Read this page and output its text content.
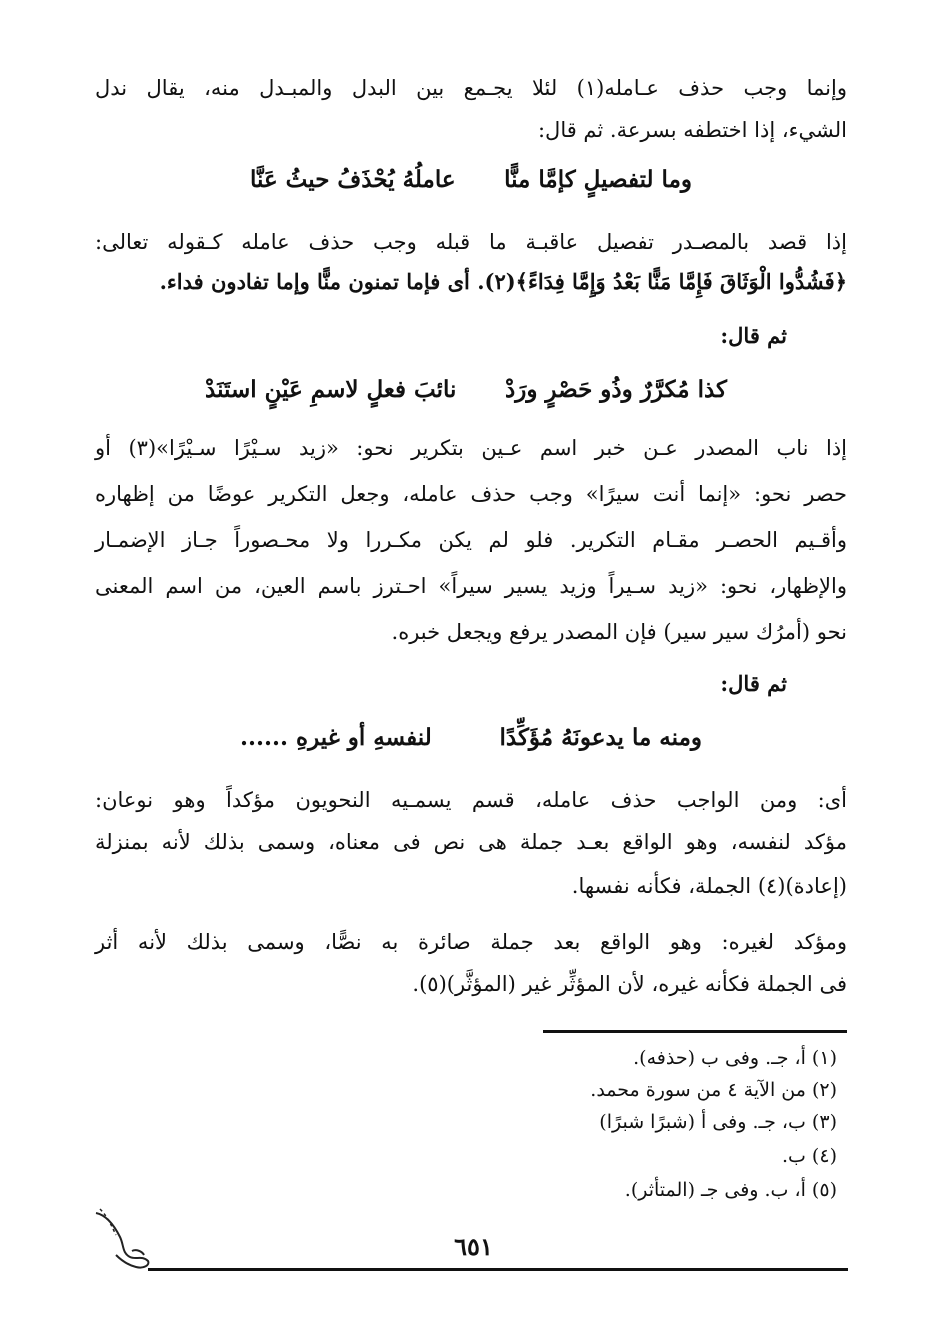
وإنما وجب حذف عـامله(١) لئلا يجـمع بين البدل والمبـدل منه، يقال ندل
الشيء، إذا اختطفه بسرعة. ثم قال:
وما لتفصيلٍ كإمَّا منًّا
عاملُهُ يُحْذَفُ حيثُ عَنَّا
إذا قصد بالمصـدر تفصيل عاقبـة ما قبله وجب حذف عامله كـقوله تعالى:
﴿فَشُدُّوا الْوَثَاقَ فَإِمَّا مَنًّا بَعْدُ وَإِمَّا فِدَاءً﴾(٢). أى فإما تمنون منًّا وإما تفادون فداء.
ثم قال:
كذا مُكرَّرٌ وذُو حَصْرٍ ورَدْ
نائبَ فعلٍ لاسمِ عَيْنٍ استَنَدْ
إذا ناب المصدر عـن خبر اسم عـين بتكرير نحو: «زيد سـيْرًا سـيْرًا»(٣) أو
حصر نحو: «إنما أنت سيرًا» وجب حذف عامله، وجعل التكرير عوضًا من إظهاره
وأقـيم الحصـر مقـام التكرير. فلو لم يكن مكـررا ولا محـصوراً جـاز الإضمـار
والإظهار، نحو: «زيد سـيراً وزيد يسير سيراً» احـترز باسم العين، من اسم المعنى
نحو (أمرُك سير سير) فإن المصدر يرفع ويجعل خبره.
ثم قال:
ومنه ما يدعونَهُ مُؤَكِّدًا
لنفسهِ أو غيرهِ ......
أى: ومن الواجب حذف عامله، قسم يسمـيه النحويون مؤكداً وهو نوعان:
مؤكد لنفسه، وهو الواقع بعـد جملة هى نص فى معناه، وسمى بذلك لأنه بمنزلة
(إعادة)(٤) الجملة، فكأنه نفسها.
ومؤكد لغيره: وهو الواقع بعد جملة صائرة به نصًّا، وسمى بذلك لأنه أثر
فى الجملة فكأنه غيره، لأن المؤثِّر غير (المؤثَّر)(٥).
(١) أ، جـ. وفى ب (حذفه).
(٢) من الآية ٤ من سورة محمد.
(٣) ب، جـ. وفى أ (شبرًا شبرًا)
(٤) ب.
(٥) أ، ب. وفى جـ (المتأثر).
٦٥١
